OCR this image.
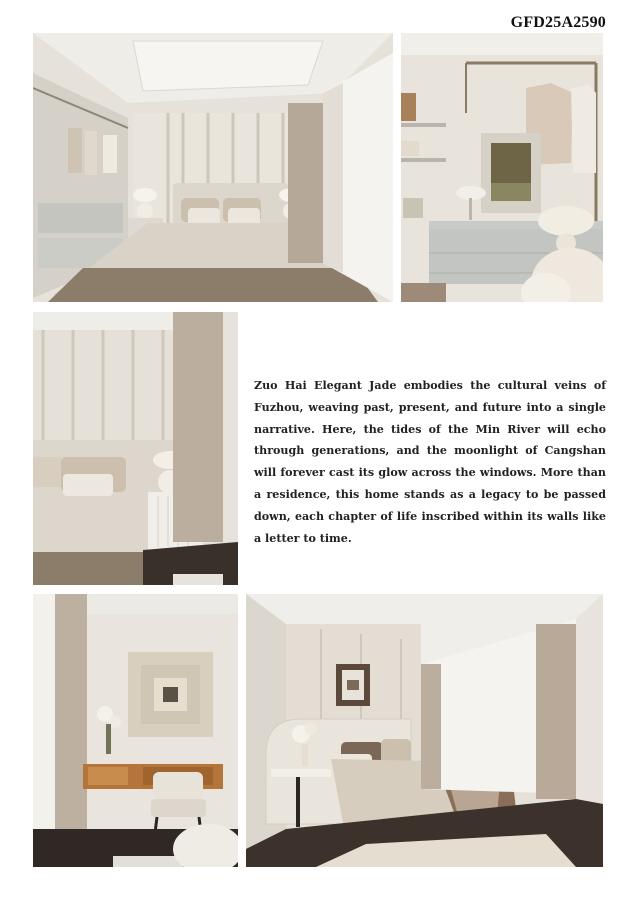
GFD25A2590

Zuo Hai Elegant Jade embodies the cultural veins of Fuzhou, weaving past, present, and future into a single narrative. Here, the tides of the Min River will echo through generations, and the moonlight of Cangshan will forever cast its glow across the windows. More than a residence, this home stands as a legacy to be passed down, each chapter of life inscribed within its walls like a letter to time.
